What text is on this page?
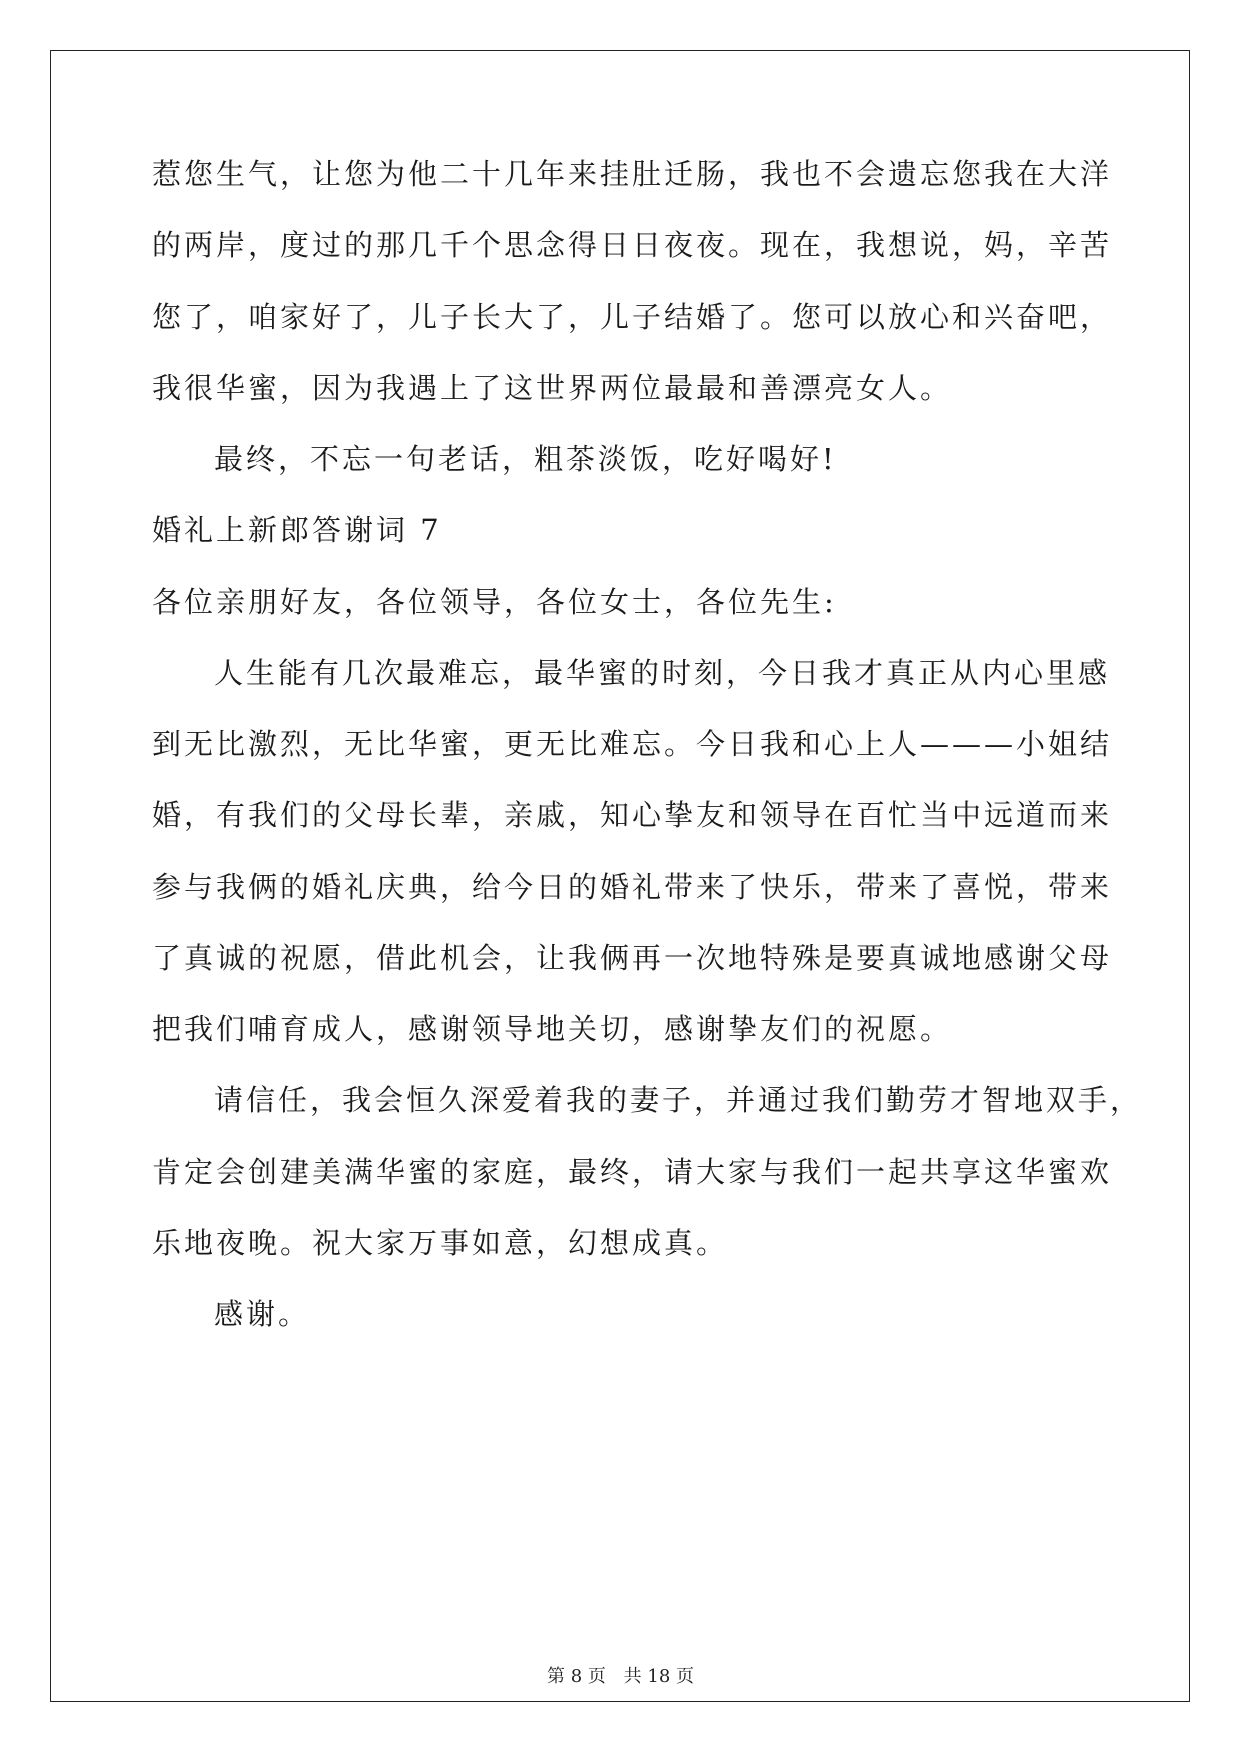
惹您生气，让您为他二十几年来挂肚迁肠，我也不会遗忘您我在大洋
的两岸，度过的那几千个思念得日日夜夜。现在，我想说，妈，辛苦
您了，咱家好了，儿子长大了，儿子结婚了。您可以放心和兴奋吧，
我很华蜜，因为我遇上了这世界两位最最和善漂亮女人。
最终，不忘一句老话，粗茶淡饭，吃好喝好!
婚礼上新郎答谢词 7
各位亲朋好友，各位领导，各位女士，各位先生:
人生能有几次最难忘，最华蜜的时刻，今日我才真正从内心里感
到无比激烈，无比华蜜，更无比难忘。今日我和心上人———小姐结
婚，有我们的父母长辈，亲戚，知心挚友和领导在百忙当中远道而来
参与我俩的婚礼庆典，给今日的婚礼带来了快乐，带来了喜悦，带来
了真诚的祝愿，借此机会，让我俩再一次地特殊是要真诚地感谢父母
把我们哺育成人，感谢领导地关切，感谢挚友们的祝愿。
请信任，我会恒久深爱着我的妻子，并通过我们勤劳才智地双手，
肯定会创建美满华蜜的家庭，最终，请大家与我们一起共享这华蜜欢
乐地夜晚。祝大家万事如意，幻想成真。
感谢。
第 8 页 共 18 页
